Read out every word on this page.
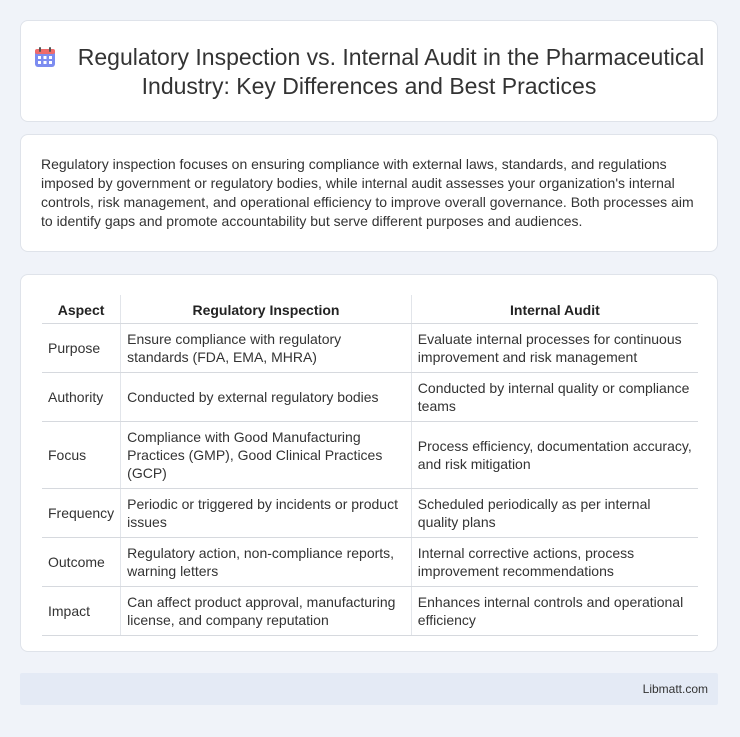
Regulatory Inspection vs. Internal Audit in the Pharmaceutical Industry: Key Differences and Best Practices

Regulatory inspection focuses on ensuring compliance with external laws, standards, and regulations imposed by government or regulatory bodies, while internal audit assesses your organization's internal controls, risk management, and operational efficiency to improve overall governance. Both processes aim to identify gaps and promote accountability but serve different purposes and audiences.

Aspect	Regulatory Inspection	Internal Audit
Purpose	Ensure compliance with regulatory standards (FDA, EMA, MHRA)	Evaluate internal processes for continuous improvement and risk management
Authority	Conducted by external regulatory bodies	Conducted by internal quality or compliance teams
Focus	Compliance with Good Manufacturing Practices (GMP), Good Clinical Practices (GCP)	Process efficiency, documentation accuracy, and risk mitigation
Frequency	Periodic or triggered by incidents or product issues	Scheduled periodically as per internal quality plans
Outcome	Regulatory action, non-compliance reports, warning letters	Internal corrective actions, process improvement recommendations
Impact	Can affect product approval, manufacturing license, and company reputation	Enhances internal controls and operational efficiency
Libmatt.com
